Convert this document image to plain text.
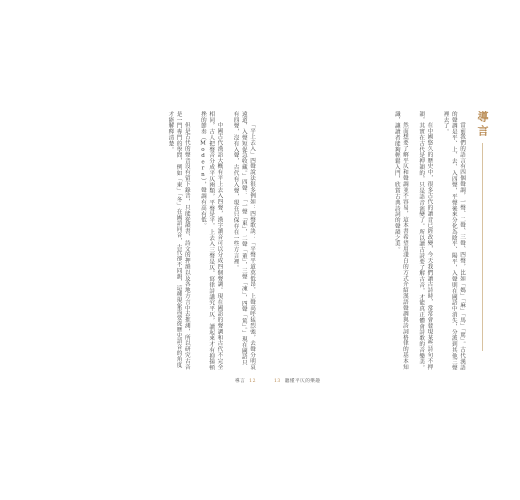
「平上去入」四聲說法很多例如：四聲歌訣：「平聲平道莫低昂，上聲高呼猛烈強，去聲分明哀遠道，入聲短促急收藏。」四聲：「一聲「東」，二聲「董」，三聲「凍」，四聲「篤」。」現在國語只有四聲，沒有入聲，古代有入聲，現在只保存在一些方言裡。

中國古代漢語大概有平上去入四聲，漢字讀音可以分成四個聲調。現在國語的聲調和古代不完全相同，古人把聲音分成平仄兩類，平聲是平，上去入三聲是仄。寫律詩講究平仄，讀起來才有抑揚頓挫的節奏（Modern），聲調有高有低。

但是古代的聲音沒有留下錄音，只能從韻書、詩文的押韻以及各地方言中去推測，所以研究古音是一門專門的學問，例如「東」「冬」在國語同音，古代卻不同韻，這種現象需要從歷史語音的角度才能解釋清楚。

導言 12
導言

當前我們的語言有四個聲調，一聲、二聲、三聲、四聲，比如「媽」「麻」「馬」「罵」。古代漢語的聲調是平、上、去、入四聲，平聲後來分化為陰平、陽平，入聲則在國語中消失，分派到其他三聲裡去了。

在中國悠久的歷史中，很多古代的讀音已經改變，今天我們讀古詩時，常常會發現某些詩句不押韻，其實在古代是押韻的，只是語音演變了。所以讀古詩要了解古音，才能真正體會詩歌的音樂美。

然而想要了解平仄和聲調並不容易，這本書希望用淺白的方式介紹漢語聲調與詩詞格律的基本知識，讓讀者能夠輕鬆入門，欣賞古典詩詞的聲韻之美。

13 聽懂平仄的樂趣
